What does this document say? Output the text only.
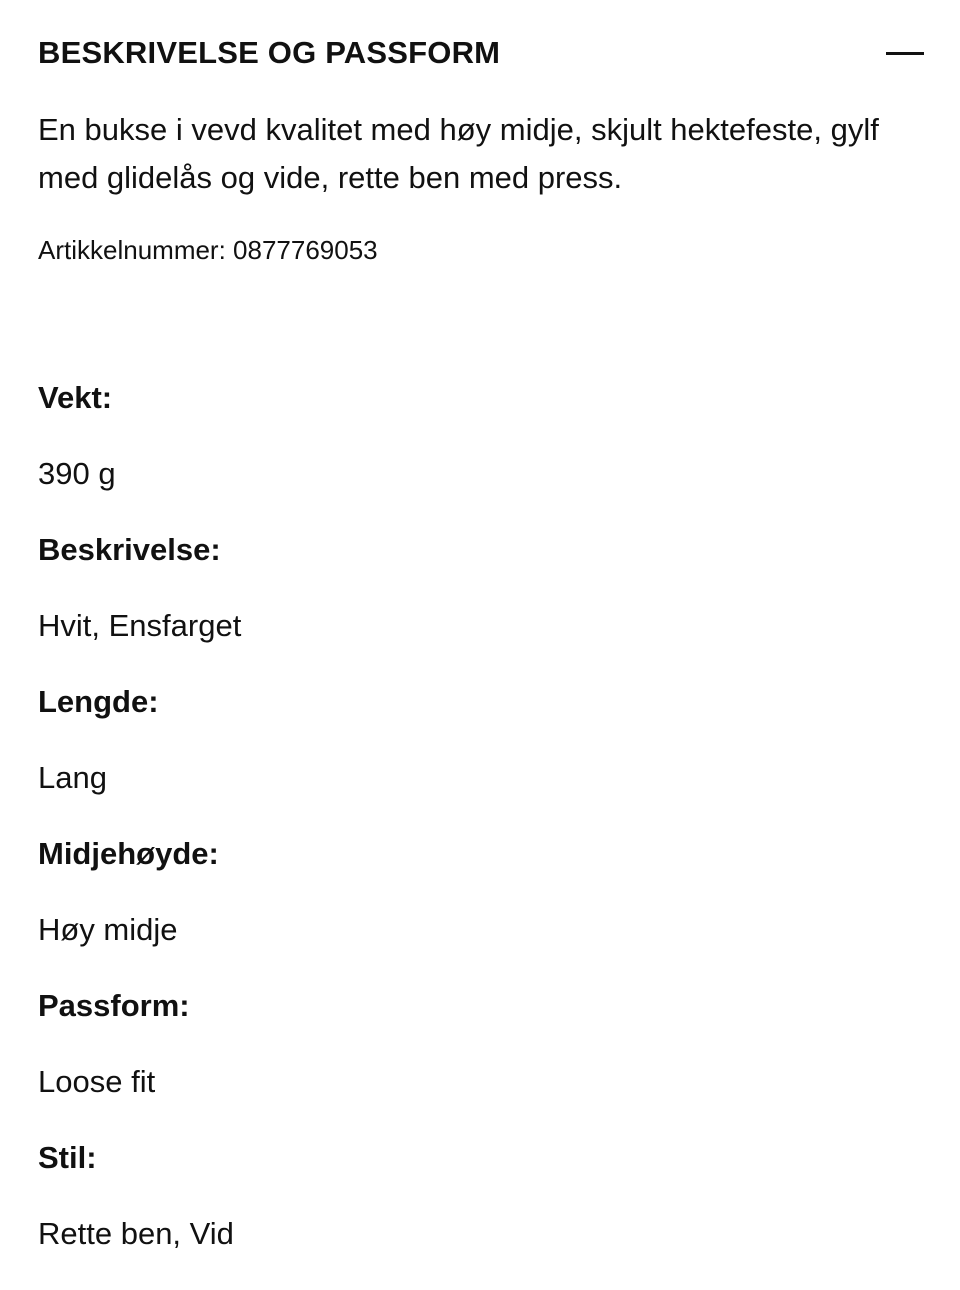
BESKRIVELSE OG PASSFORM

En bukse i vevd kvalitet med høy midje, skjult hektefeste, gylf med glidelås og vide, rette ben med press.

Artikkelnummer: 0877769053
Vekt:
390 g
Beskrivelse:
Hvit, Ensfarget
Lengde:
Lang
Midjehøyde:
Høy midje
Passform:
Loose fit
Stil:
Rette ben, Vid
